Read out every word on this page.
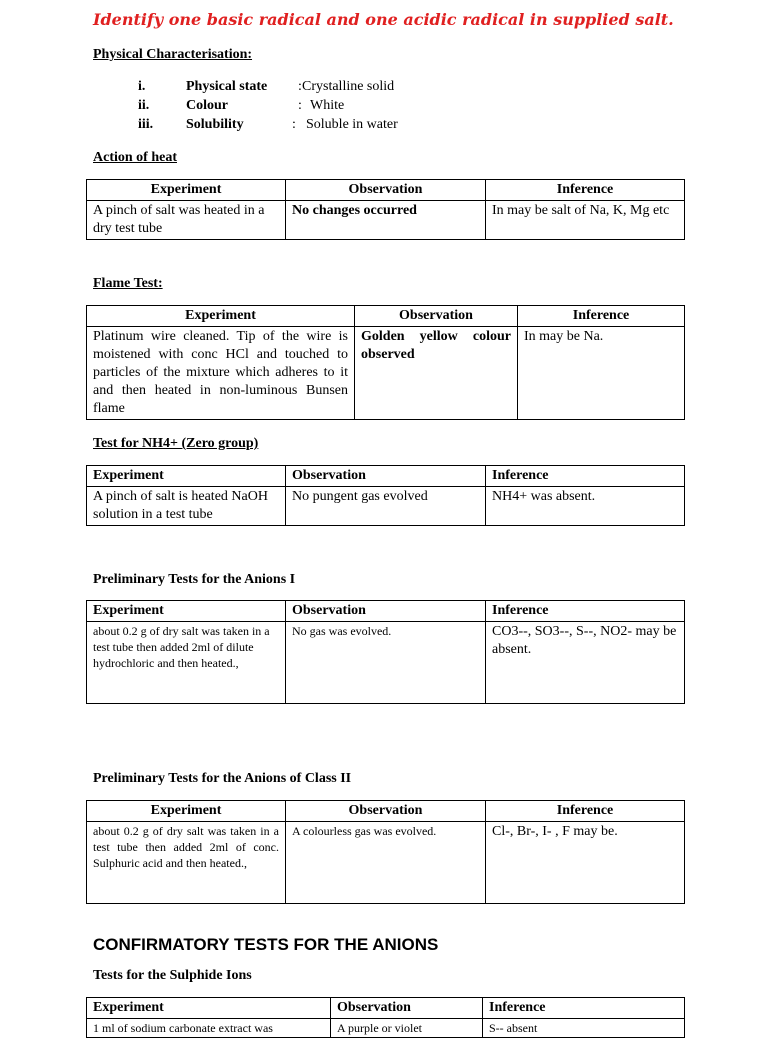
Identify one basic radical and one acidic radical in supplied salt.
Physical Characterisation:
i.	Physical state	: Crystalline solid
ii.	Colour	: White
iii.	Solubility	: Soluble in water
Action of heat
Experiment	Observation	Inference
A pinch of salt was heated in a dry test tube	No changes occurred	In may be salt of Na, K, Mg etc
Flame Test:
Experiment	Observation	Inference
Platinum wire cleaned. Tip of the wire is moistened with conc HCl and touched to particles of the mixture which adheres to it and then heated in non-luminous Bunsen flame	Golden yellow colour observed	In may be Na.
Test for NH4+ (Zero group)
Experiment	Observation	Inference
A pinch of salt is heated NaOH solution in a test tube	No pungent gas evolved	NH4+ was absent.
Preliminary Tests for the Anions I
Experiment	Observation	Inference
about 0.2 g of dry salt was taken in a test tube then added 2ml of dilute hydrochloric and then heated.,	No gas was evolved.	CO3--, SO3--, S--, NO2- may be absent.
Preliminary Tests for the Anions of Class II
Experiment	Observation	Inference
about 0.2 g of dry salt was taken in a test tube then added 2ml of conc. Sulphuric acid and then heated.,	A colourless gas was evolved.	Cl-, Br-, I- , F may be.
CONFIRMATORY TESTS FOR THE ANIONS
Tests for the Sulphide Ions
Experiment	Observation	Inference
1 ml of sodium carbonate extract was	A purple or violet	S-- absent
